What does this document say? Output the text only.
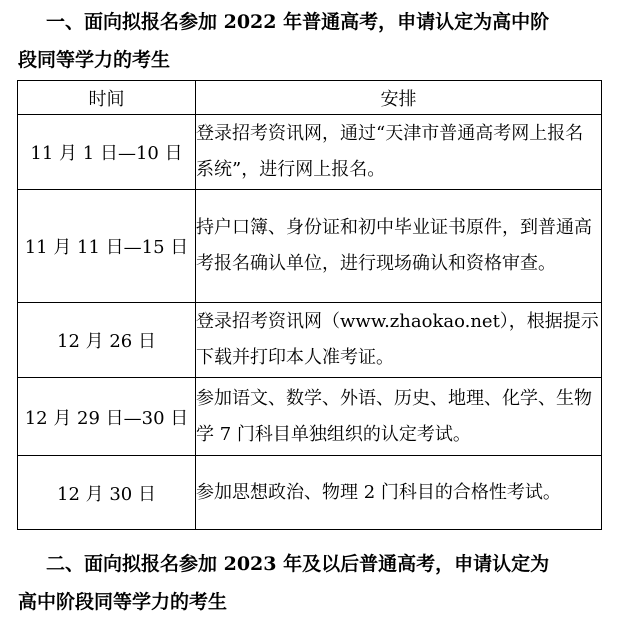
一、面向拟报名参加 2022 年普通高考，申请认定为高中阶
段同等学力的考生
时间	安排
11 月 1 日—10 日	登录招考资讯网，通过“天津市普通高考网上报名系统”，进行网上报名。
11 月 11 日—15 日	持户口簿、身份证和初中毕业证书原件，到普通高考报名确认单位，进行现场确认和资格审查。
12 月 26 日	登录招考资讯网（www.zhaokao.net），根据提示下载并打印本人准考证。
12 月 29 日—30 日	参加语文、数学、外语、历史、地理、化学、生物学 7 门科目单独组织的认定考试。
12 月 30 日	参加思想政治、物理 2 门科目的合格性考试。
二、面向拟报名参加 2023 年及以后普通高考，申请认定为
高中阶段同等学力的考生
